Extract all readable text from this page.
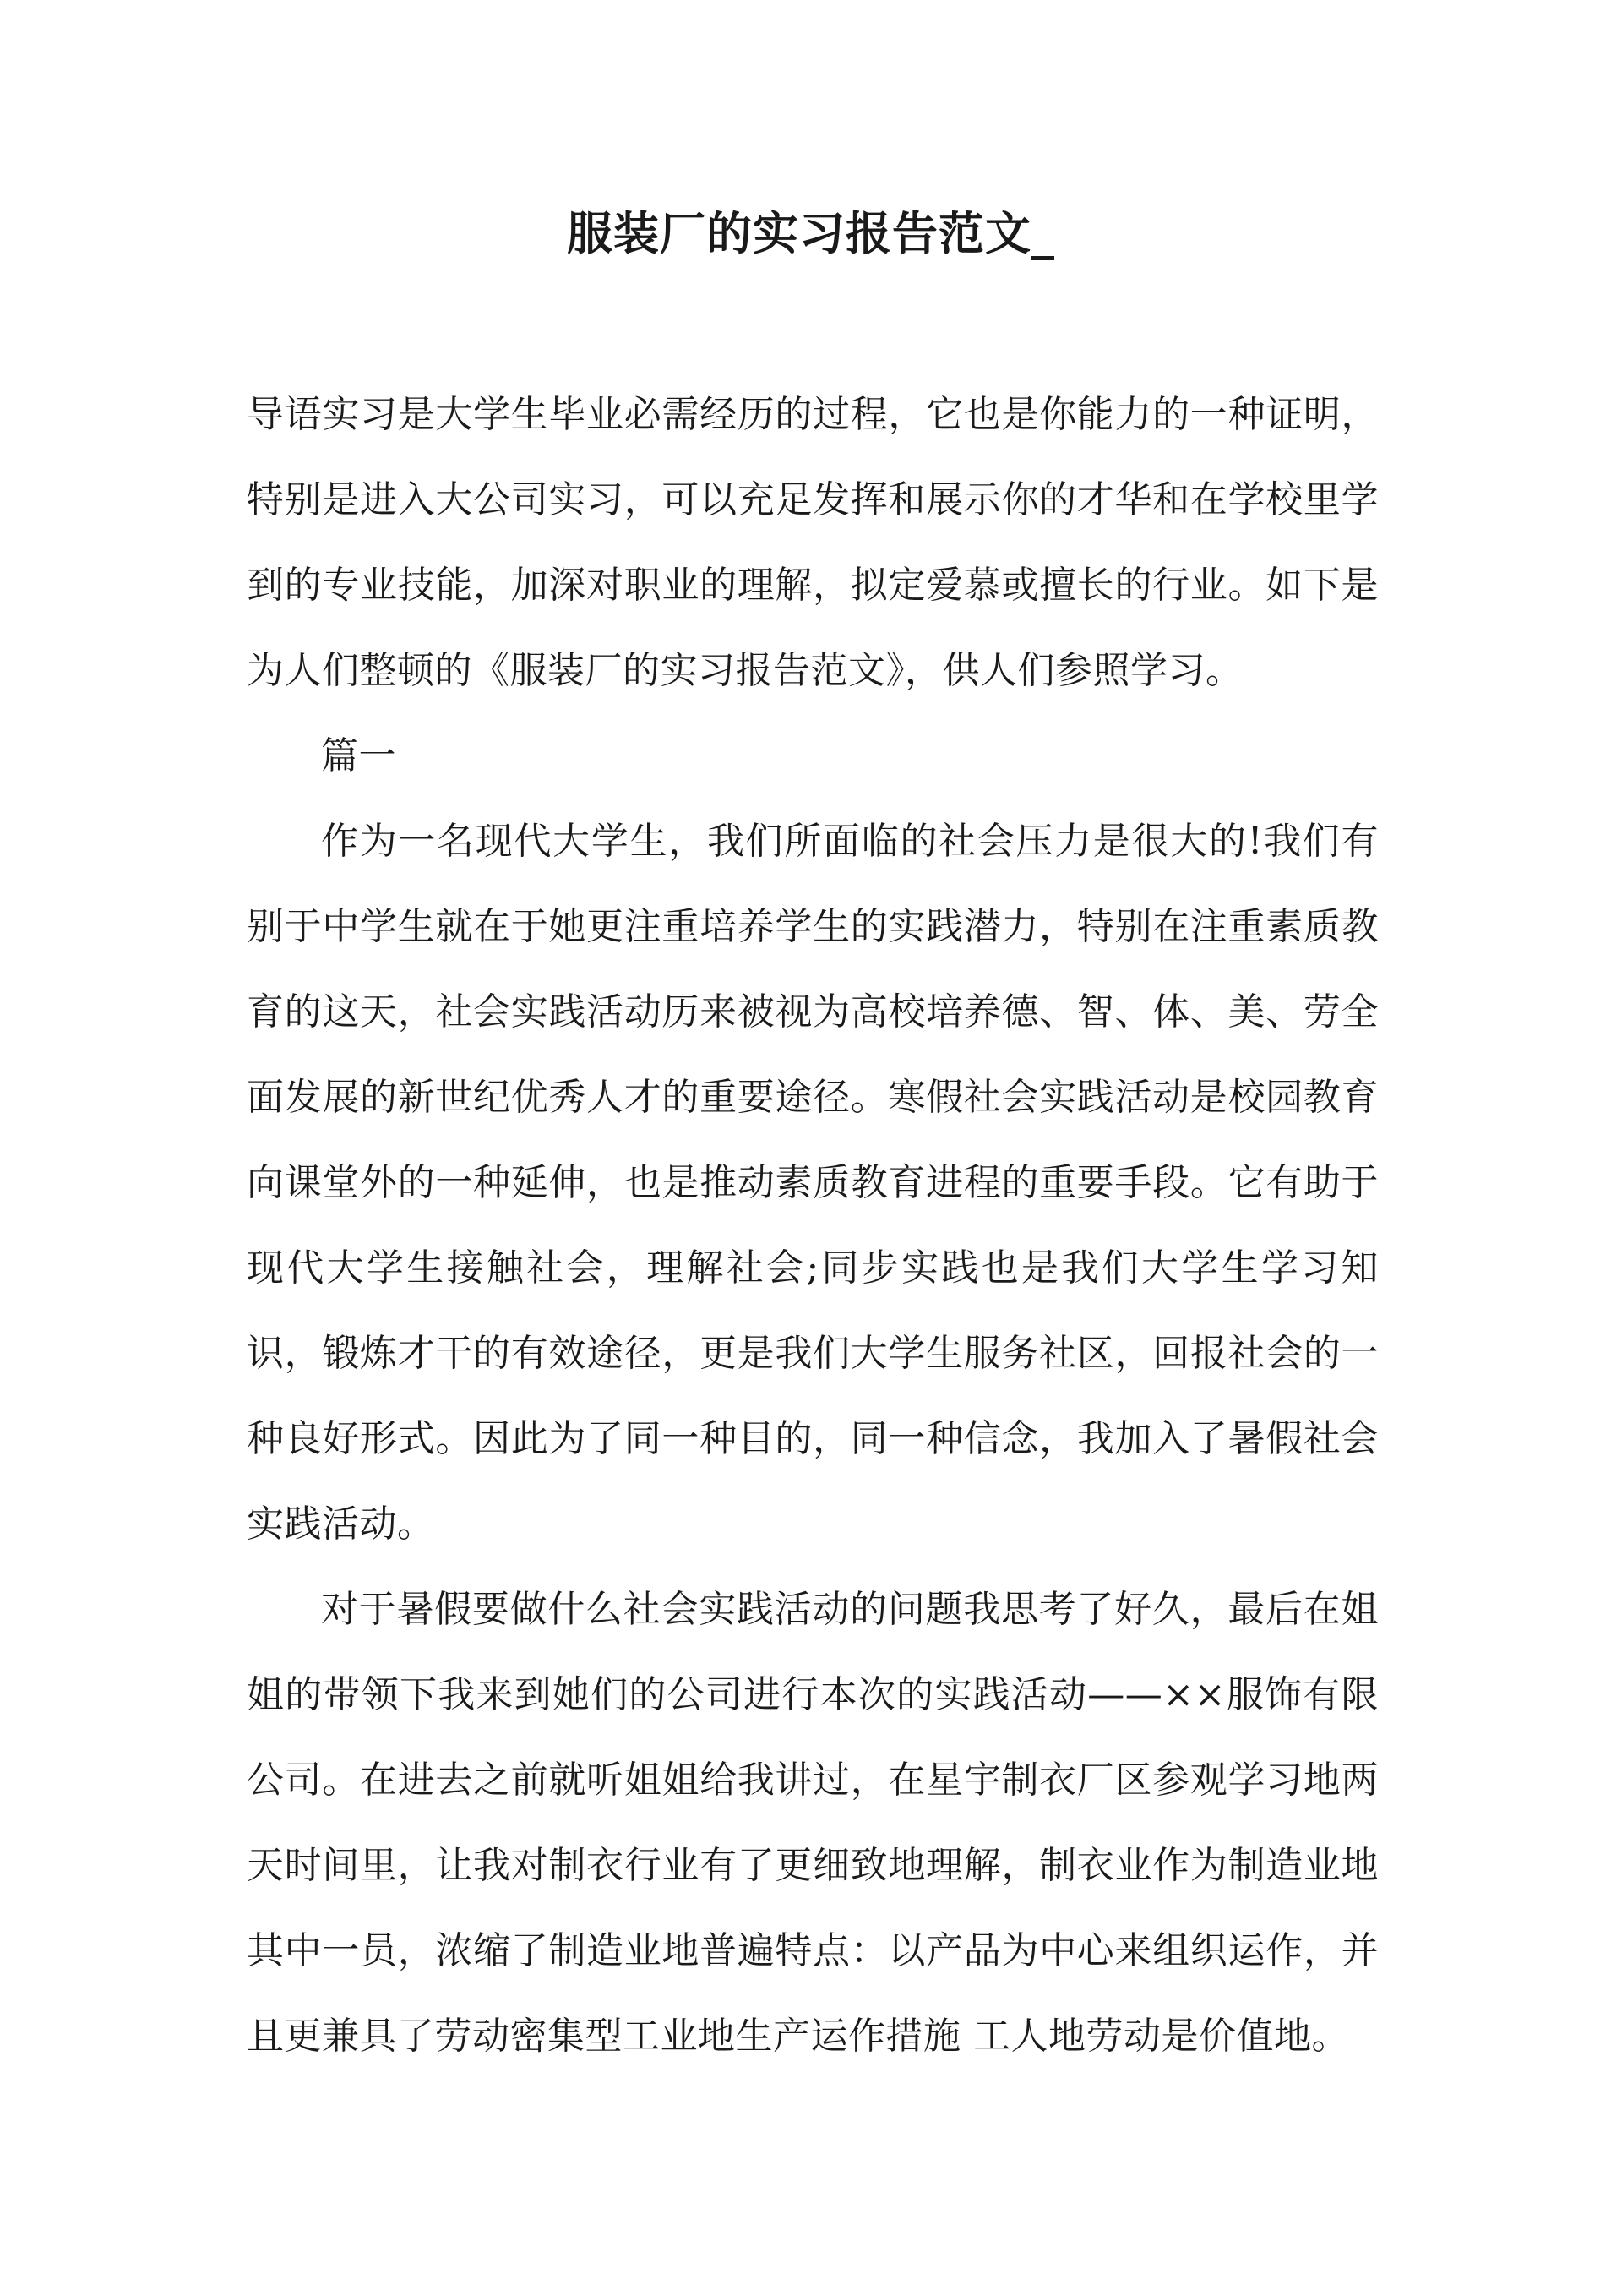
服装厂的实习报告范文_

导语实习是大学生毕业必需经历的过程，它也是你能力的一种证明，特别是进入大公司实习，可以充足发挥和展示你的才华和在学校里学到的专业技能，加深对职业的理解，拟定爱慕或擅长的行业。如下是为人们整顿的《服装厂的实习报告范文》，供人们参照学习。

篇一

作为一名现代大学生，我们所面临的社会压力是很大的!我们有别于中学生就在于她更注重培养学生的实践潜力，特别在注重素质教育的这天，社会实践活动历来被视为高校培养德、智、体、美、劳全面发展的新世纪优秀人才的重要途径。寒假社会实践活动是校园教育向课堂外的一种延伸，也是推动素质教育进程的重要手段。它有助于现代大学生接触社会，理解社会;同步实践也是我们大学生学习知识，锻炼才干的有效途径，更是我们大学生服务社区，回报社会的一种良好形式。因此为了同一种目的，同一种信念，我加入了暑假社会实践活动。

对于暑假要做什么社会实践活动的问题我思考了好久，最后在姐姐的带领下我来到她们的公司进行本次的实践活动——××服饰有限公司。在进去之前就听姐姐给我讲过，在星宇制衣厂区参观学习地两天时间里，让我对制衣行业有了更细致地理解，制衣业作为制造业地其中一员，浓缩了制造业地普遍特点：以产品为中心来组织运作，并且更兼具了劳动密集型工业地生产运作措施 工人地劳动是价值地。
